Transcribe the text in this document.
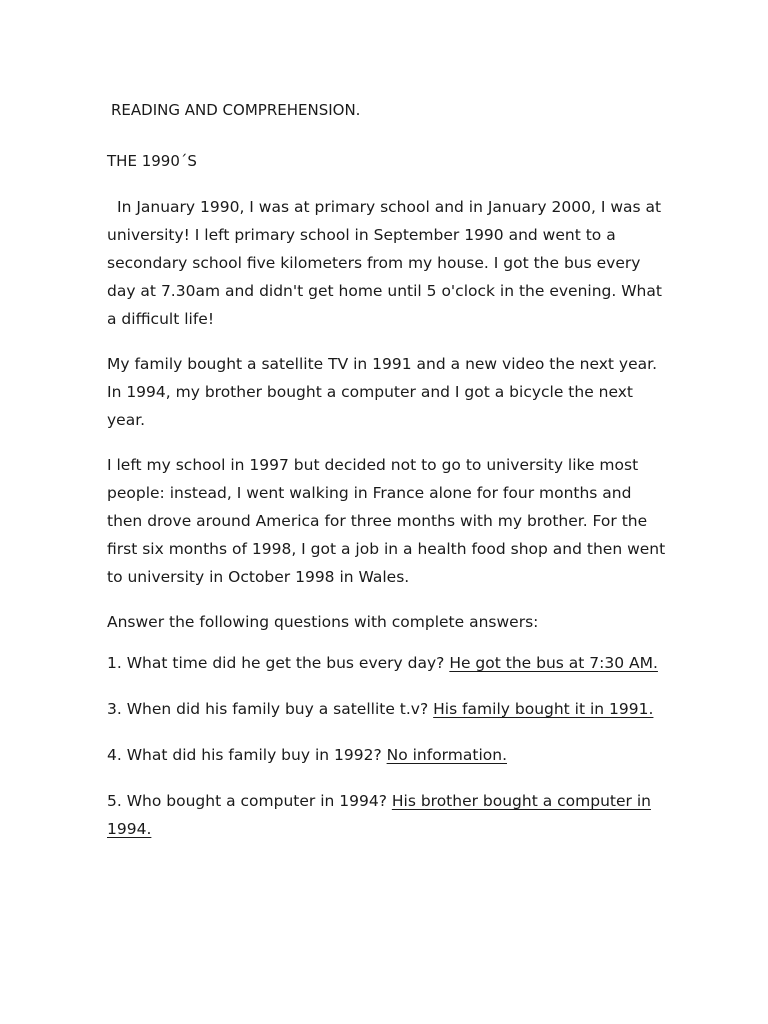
READING AND COMPREHENSION.

THE 1990´S

In January 1990, I was at primary school and in January 2000, I was at university! I left primary school in September 1990 and went to a secondary school five kilometers from my house. I got the bus every day at 7.30am and didn't get home until 5 o'clock in the evening. What a difficult life!

My family bought a satellite TV in 1991 and a new video the next year. In 1994, my brother bought a computer and I got a bicycle the next year.

I left my school in 1997 but decided not to go to university like most people: instead, I went walking in France alone for four months and then drove around America for three months with my brother. For the first six months of 1998, I got a job in a health food shop and then went to university in October 1998 in Wales.

Answer the following questions with complete answers:

1. What time did he get the bus every day? He got the bus at 7:30 AM.

3. When did his family buy a satellite t.v? His family bought it in 1991.

4. What did his family buy in 1992? No information.

5. Who bought a computer in 1994? His brother bought a computer in 1994.
